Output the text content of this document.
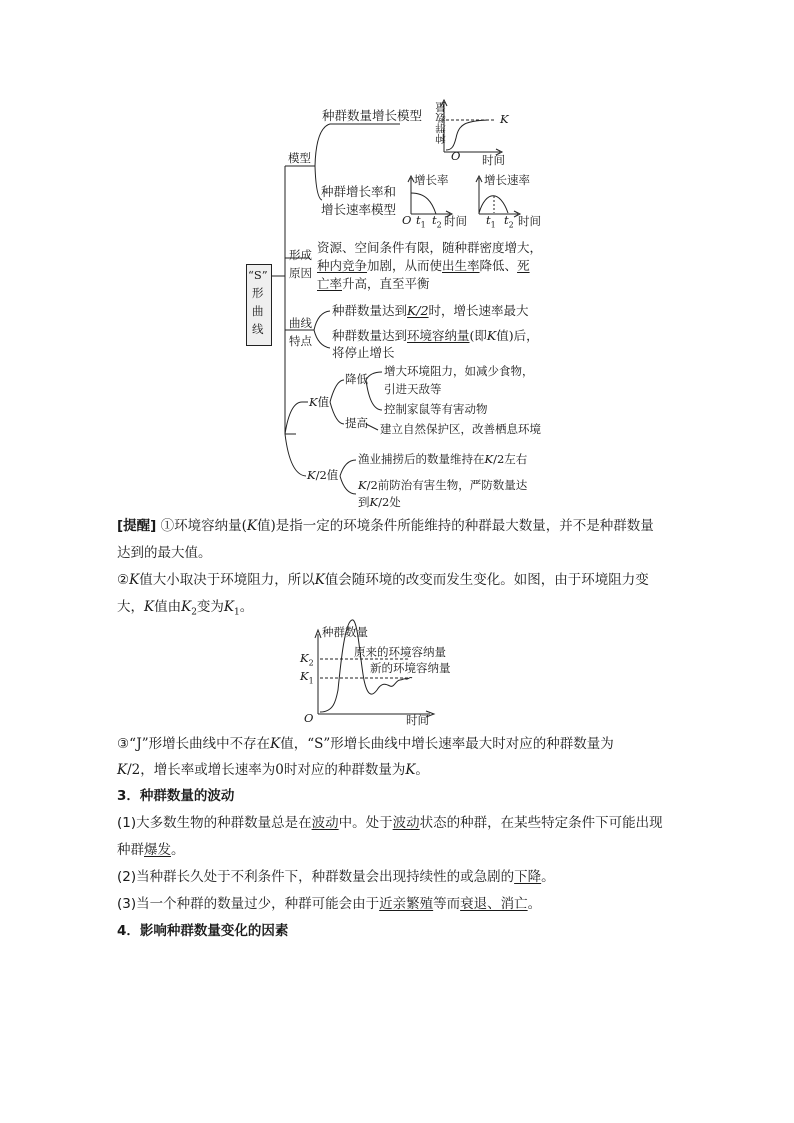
“S”
形
曲
线
模型
种群数量增长模型 种群数量	K
O 时间
种群增长率和
增长速率模型
增长率
O $t_1$ $t_2$ 时间
增长速率
$t_1$ $t_2$ 时间
形成
原因
资源、空间条件有限，随种群密度增大，
种内竞争加剧，从而使出生率降低、死
亡率升高，直至平衡
曲线
特点
种群数量达到K/2时，增长速率最大
种群数量达到环境容纳量(即K值)后，
将停止增长
K值
降低
增大环境阻力，如减少食物，
引进天敌等
控制家鼠等有害动物
提高 建立自然保护区，改善栖息环境
K/2值
渔业捕捞后的数量维持在K/2左右
K/2前防治有害生物，严防数量达
到K/2处
[提醒] ①环境容纳量(K值)是指一定的环境条件所能维持的种群最大数量，并不是种群数量
达到的最大值。
②K值大小取决于环境阻力，所以K值会随环境的改变而发生变化。如图，由于环境阻力变
大，K值由$K_2$变为$K_1$。
种群数量
O	时间
$K_2$
$K_1$
原来的环境容纳量
新的环境容纳量
③“J”形增长曲线中不存在K值，“S”形增长曲线中增长速率最大时对应的种群数量为
K/2，增长率或增长速率为0时对应的种群数量为K。
3．种群数量的波动
(1)大多数生物的种群数量总是在波动中。处于波动状态的种群，在某些特定条件下可能出现
种群爆发。
(2)当种群长久处于不利条件下，种群数量会出现持续性的或急剧的下降。
(3)当一个种群的数量过少，种群可能会由于近亲繁殖等而衰退、消亡。
4．影响种群数量变化的因素
